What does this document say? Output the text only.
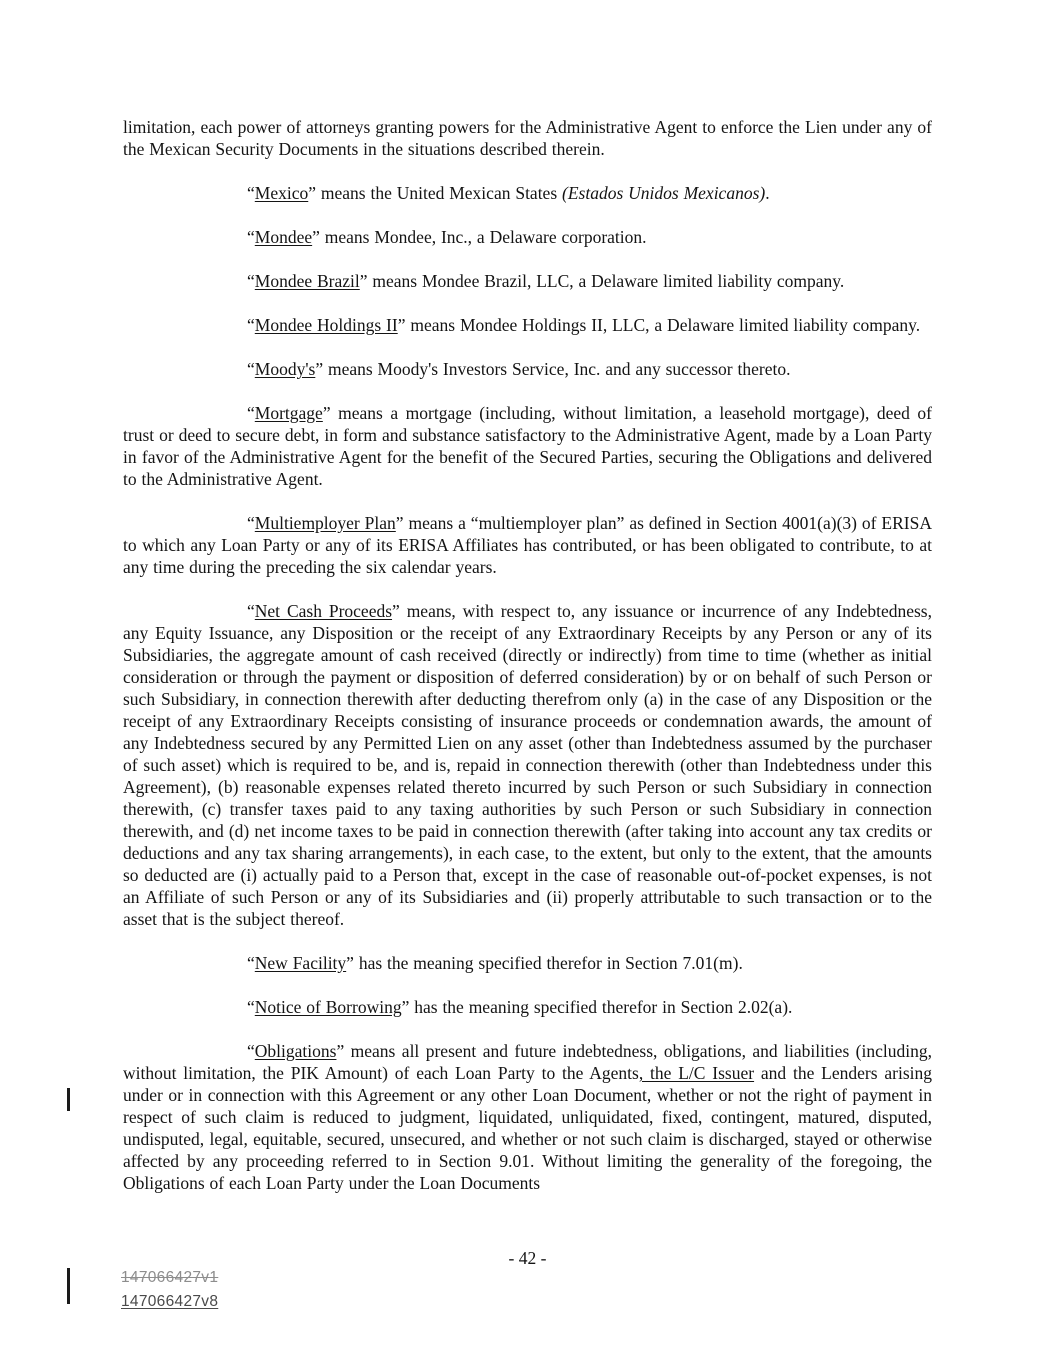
limitation, each power of attorneys granting powers for the Administrative Agent to enforce the Lien under any of the Mexican Security Documents in the situations described therein.

“Mexico” means the United Mexican States (Estados Unidos Mexicanos).

“Mondee” means Mondee, Inc., a Delaware corporation.

“Mondee Brazil” means Mondee Brazil, LLC, a Delaware limited liability company.

“Mondee Holdings II” means Mondee Holdings II, LLC, a Delaware limited liability company.

“Moody's” means Moody's Investors Service, Inc. and any successor thereto.

“Mortgage” means a mortgage (including, without limitation, a leasehold mortgage), deed of trust or deed to secure debt, in form and substance satisfactory to the Administrative Agent, made by a Loan Party in favor of the Administrative Agent for the benefit of the Secured Parties, securing the Obligations and delivered to the Administrative Agent.

“Multiemployer Plan” means a “multiemployer plan” as defined in Section 4001(a)(3) of ERISA to which any Loan Party or any of its ERISA Affiliates has contributed, or has been obligated to contribute, to at any time during the preceding the six calendar years.

“Net Cash Proceeds” means, with respect to, any issuance or incurrence of any Indebtedness, any Equity Issuance, any Disposition or the receipt of any Extraordinary Receipts by any Person or any of its Subsidiaries, the aggregate amount of cash received (directly or indirectly) from time to time (whether as initial consideration or through the payment or disposition of deferred consideration) by or on behalf of such Person or such Subsidiary, in connection therewith after deducting therefrom only (a) in the case of any Disposition or the receipt of any Extraordinary Receipts consisting of insurance proceeds or condemnation awards, the amount of any Indebtedness secured by any Permitted Lien on any asset (other than Indebtedness assumed by the purchaser of such asset) which is required to be, and is, repaid in connection therewith (other than Indebtedness under this Agreement), (b) reasonable expenses related thereto incurred by such Person or such Subsidiary in connection therewith, (c) transfer taxes paid to any taxing authorities by such Person or such Subsidiary in connection therewith, and (d) net income taxes to be paid in connection therewith (after taking into account any tax credits or deductions and any tax sharing arrangements), in each case, to the extent, but only to the extent, that the amounts so deducted are (i) actually paid to a Person that, except in the case of reasonable out-of-pocket expenses, is not an Affiliate of such Person or any of its Subsidiaries and (ii) properly attributable to such transaction or to the asset that is the subject thereof.

“New Facility” has the meaning specified therefor in Section 7.01(m).

“Notice of Borrowing” has the meaning specified therefor in Section 2.02(a).

“Obligations” means all present and future indebtedness, obligations, and liabilities (including, without limitation, the PIK Amount) of each Loan Party to the Agents, the L/C Issuer and the Lenders arising under or in connection with this Agreement or any other Loan Document, whether or not the right of payment in respect of such claim is reduced to judgment, liquidated, unliquidated, fixed, contingent, matured, disputed, undisputed, legal, equitable, secured, unsecured, and whether or not such claim is discharged, stayed or otherwise affected by any proceeding referred to in Section 9.01. Without limiting the generality of the foregoing, the Obligations of each Loan Party under the Loan Documents

- 42 -
147066427v1
147066427v8
